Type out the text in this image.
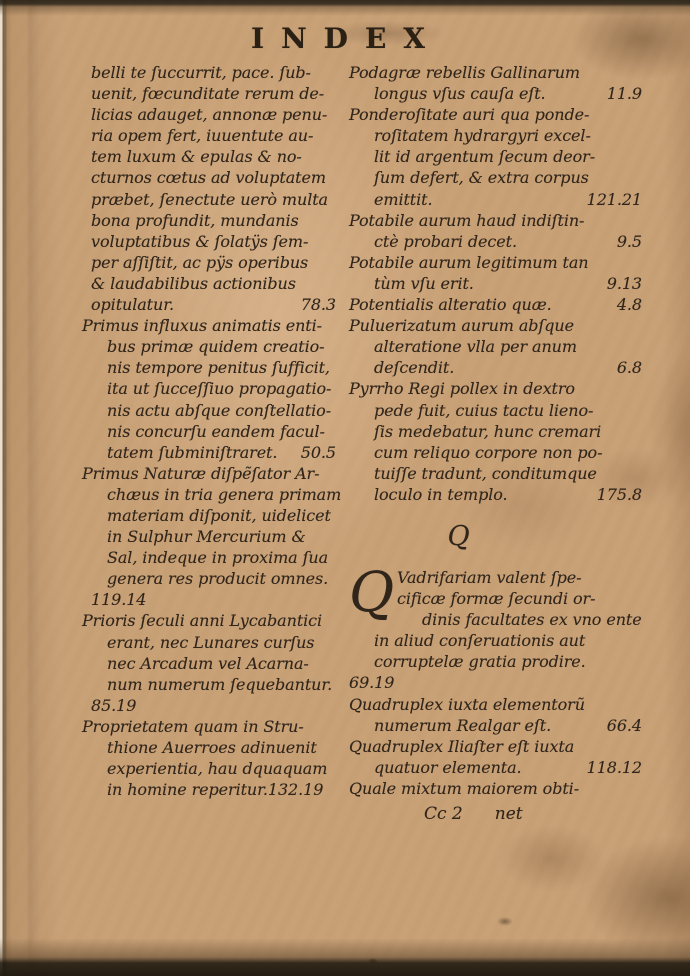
INDEX
belli te ſuccurrit, pace. ſub-
uenit, fœcunditate rerum de-
licias adauget, annonæ penu-
ria opem fert, iuuentute au-
tem luxum & epulas & no-
cturnos cœtus ad voluptatem
præbet, ſenectute uerò multa
bona profundit, mundanis
voluptatibus & ſolatÿs ſem-
per aſſiſtit, ac pÿs operibus
& laudabilibus actionibus
opitulatur.	78.3
Primus influxus animatis enti-
bus primæ quidem creatio-
nis tempore penitus ſufficit,
ita ut ſucceſſiuo propagatio-
nis actu abſque conſtellatio-
nis concurſu eandem facul-
tatem ſubminiſtraret.	50.5
Primus Naturæ diſpẽſator Ar-
chæus in tria genera primam
materiam diſponit, uidelicet
in Sulphur Mercurium &
Sal, indeque in proxima ſua
genera res producit omnes.
119.14
Prioris ſeculi anni Lycabantici
erant, nec Lunares curſus
nec Arcadum vel Acarna-
num numerum ſequebantur.
85.19
Proprietatem quam in Stru-
thione Auerroes adinuenit
experientia, hau dquaquam
in homine reperitur.132.19
Podagræ rebellis Gallinarum
longus vſus cauſa eſt.	11.9
Ponderoſitate auri qua ponde-
roſitatem hydrargyri excel-
lit id argentum ſecum deor-
ſum defert, & extra corpus
emittit.	121.21
Potabile aurum haud indiſtin-
ctè probari decet.	9.5
Potabile aurum legitimum tan
tùm vſu erit.	9.13
Potentialis alteratio quæ.	4.8
Puluerizatum aurum abſque
alteratione vlla per anum
deſcendit.	6.8
Pyrrho Regi pollex in dextro
pede fuit, cuius tactu lieno-
ſis medebatur, hunc cremari
cum reliquo corpore non po-
tuiſſe tradunt, conditumque
loculo in templo.	175.8
Q
Q Vadrifariam valent ſpe-
cificæ formæ ſecundi or-
dinis facultates ex vno ente
in aliud conſeruationis aut
corruptelæ gratia prodire.
69.19
Quadruplex iuxta elementorũ
numerum Realgar eſt.	66.4
Quadruplex Iliaſter eſt iuxta
quatuor elementa.	118.12
Quale mixtum maiorem obti-
Cc 2 net
